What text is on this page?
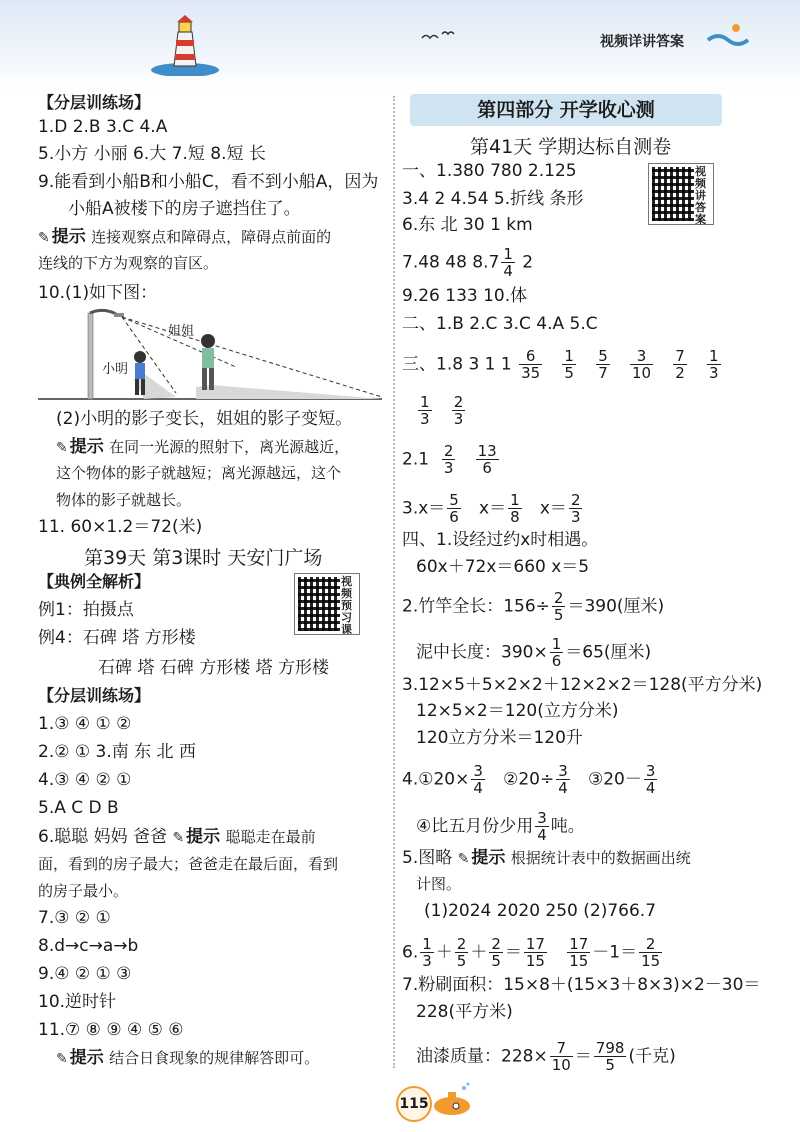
视频详讲答案
【分层训练场】
1.D 2.B 3.C 4.A
5.小方 小丽 6.大 7.短 8.短 长
9.能看到小船B和小船C，看不到小船A，因为
小船A被楼下的房子遮挡住了。
✎ 提示 连接观察点和障碍点，障碍点前面的
连线的下方为观察的盲区。
10.(1)如下图：
小明
姐姐
(2)小明的影子变长，姐姐的影子变短。
✎ 提示 在同一光源的照射下，离光源越近，
这个物体的影子就越短；离光源越远，这个
物体的影子就越长。
11. 60×1.2＝72(米)
第39天 第3课时 天安门广场
【典例全解析】	视频预习课
例1：拍摄点
例4：石碑 塔 方形楼
石碑 塔 石碑 方形楼 塔 方形楼
【分层训练场】
1.③ ④ ① ②
2.② ① 3.南 东 北 西
4.③ ④ ② ①
5.A C D B
6.聪聪 妈妈 爸爸 ✎ 提示 聪聪走在最前
面，看到的房子最大；爸爸走在最后面，看到
的房子最小。
7.③ ② ①
8.d→c→a→b
9.④ ② ① ③
10.逆时针
11.⑦ ⑧ ⑨ ④ ⑤ ⑥
✎ 提示 结合日食现象的规律解答即可。
第四部分 开学收心测
第41天 学期达标自测卷
视频讲答案
一、1.380 780 2.125
3.4 2 4.54 5.折线 条形
6.东 北 30 1 km
7.48 48 $8.7 \frac{1}{4} 2$
9.26 133 10.体
二、1.B 2.C 3.C 4.A 5.C
三、1.8 3 1 $1 \frac{6}{35}$
$\frac{1}{5}$
$\frac{5}{7}$
$\frac{3}{10}$
$\frac{7}{2}$
$\frac{1}{3}$
$\frac{1}{3}$
$\frac{2}{3}$
$2.1 \frac{2}{3}$
$\frac{13}{6}$
$3.x= \frac{5}{6} x= \frac{1}{8} x= \frac{2}{3}$
四、1.设经过约x时相遇。
60x＋72x＝660 x＝5
2.竹竿全长：$156\div \frac{2}{5} =390$(厘米)
泥中长度：$390\times \frac{1}{6} =65$(厘米)
3.12×5＋5×2×2＋12×2×2＝128(平方分米)
12×5×2＝120(立方分米)
120立方分米＝120升
4.①20× $\frac{3}{4}$ ②20÷ $\frac{3}{4}$ ③20－ $\frac{3}{4}$
④比五月份少用 $\frac{3}{4}$ 吨。
5.图略 ✎ 提示 根据统计表中的数据画出统
计图。
(1)2024 2020 250 (2)766.7
6. $\frac{1}{3} + \frac{2}{5} + \frac{2}{5} = \frac{17}{15}$
$\frac{17}{15} -1= \frac{2}{15}$
7.粉刷面积：15×8＋(15×3＋8×3)×2－30＝
228(平方米)
油漆质量：$228\times \frac{7}{10} = \frac{798}{5}$ (千克)
115
